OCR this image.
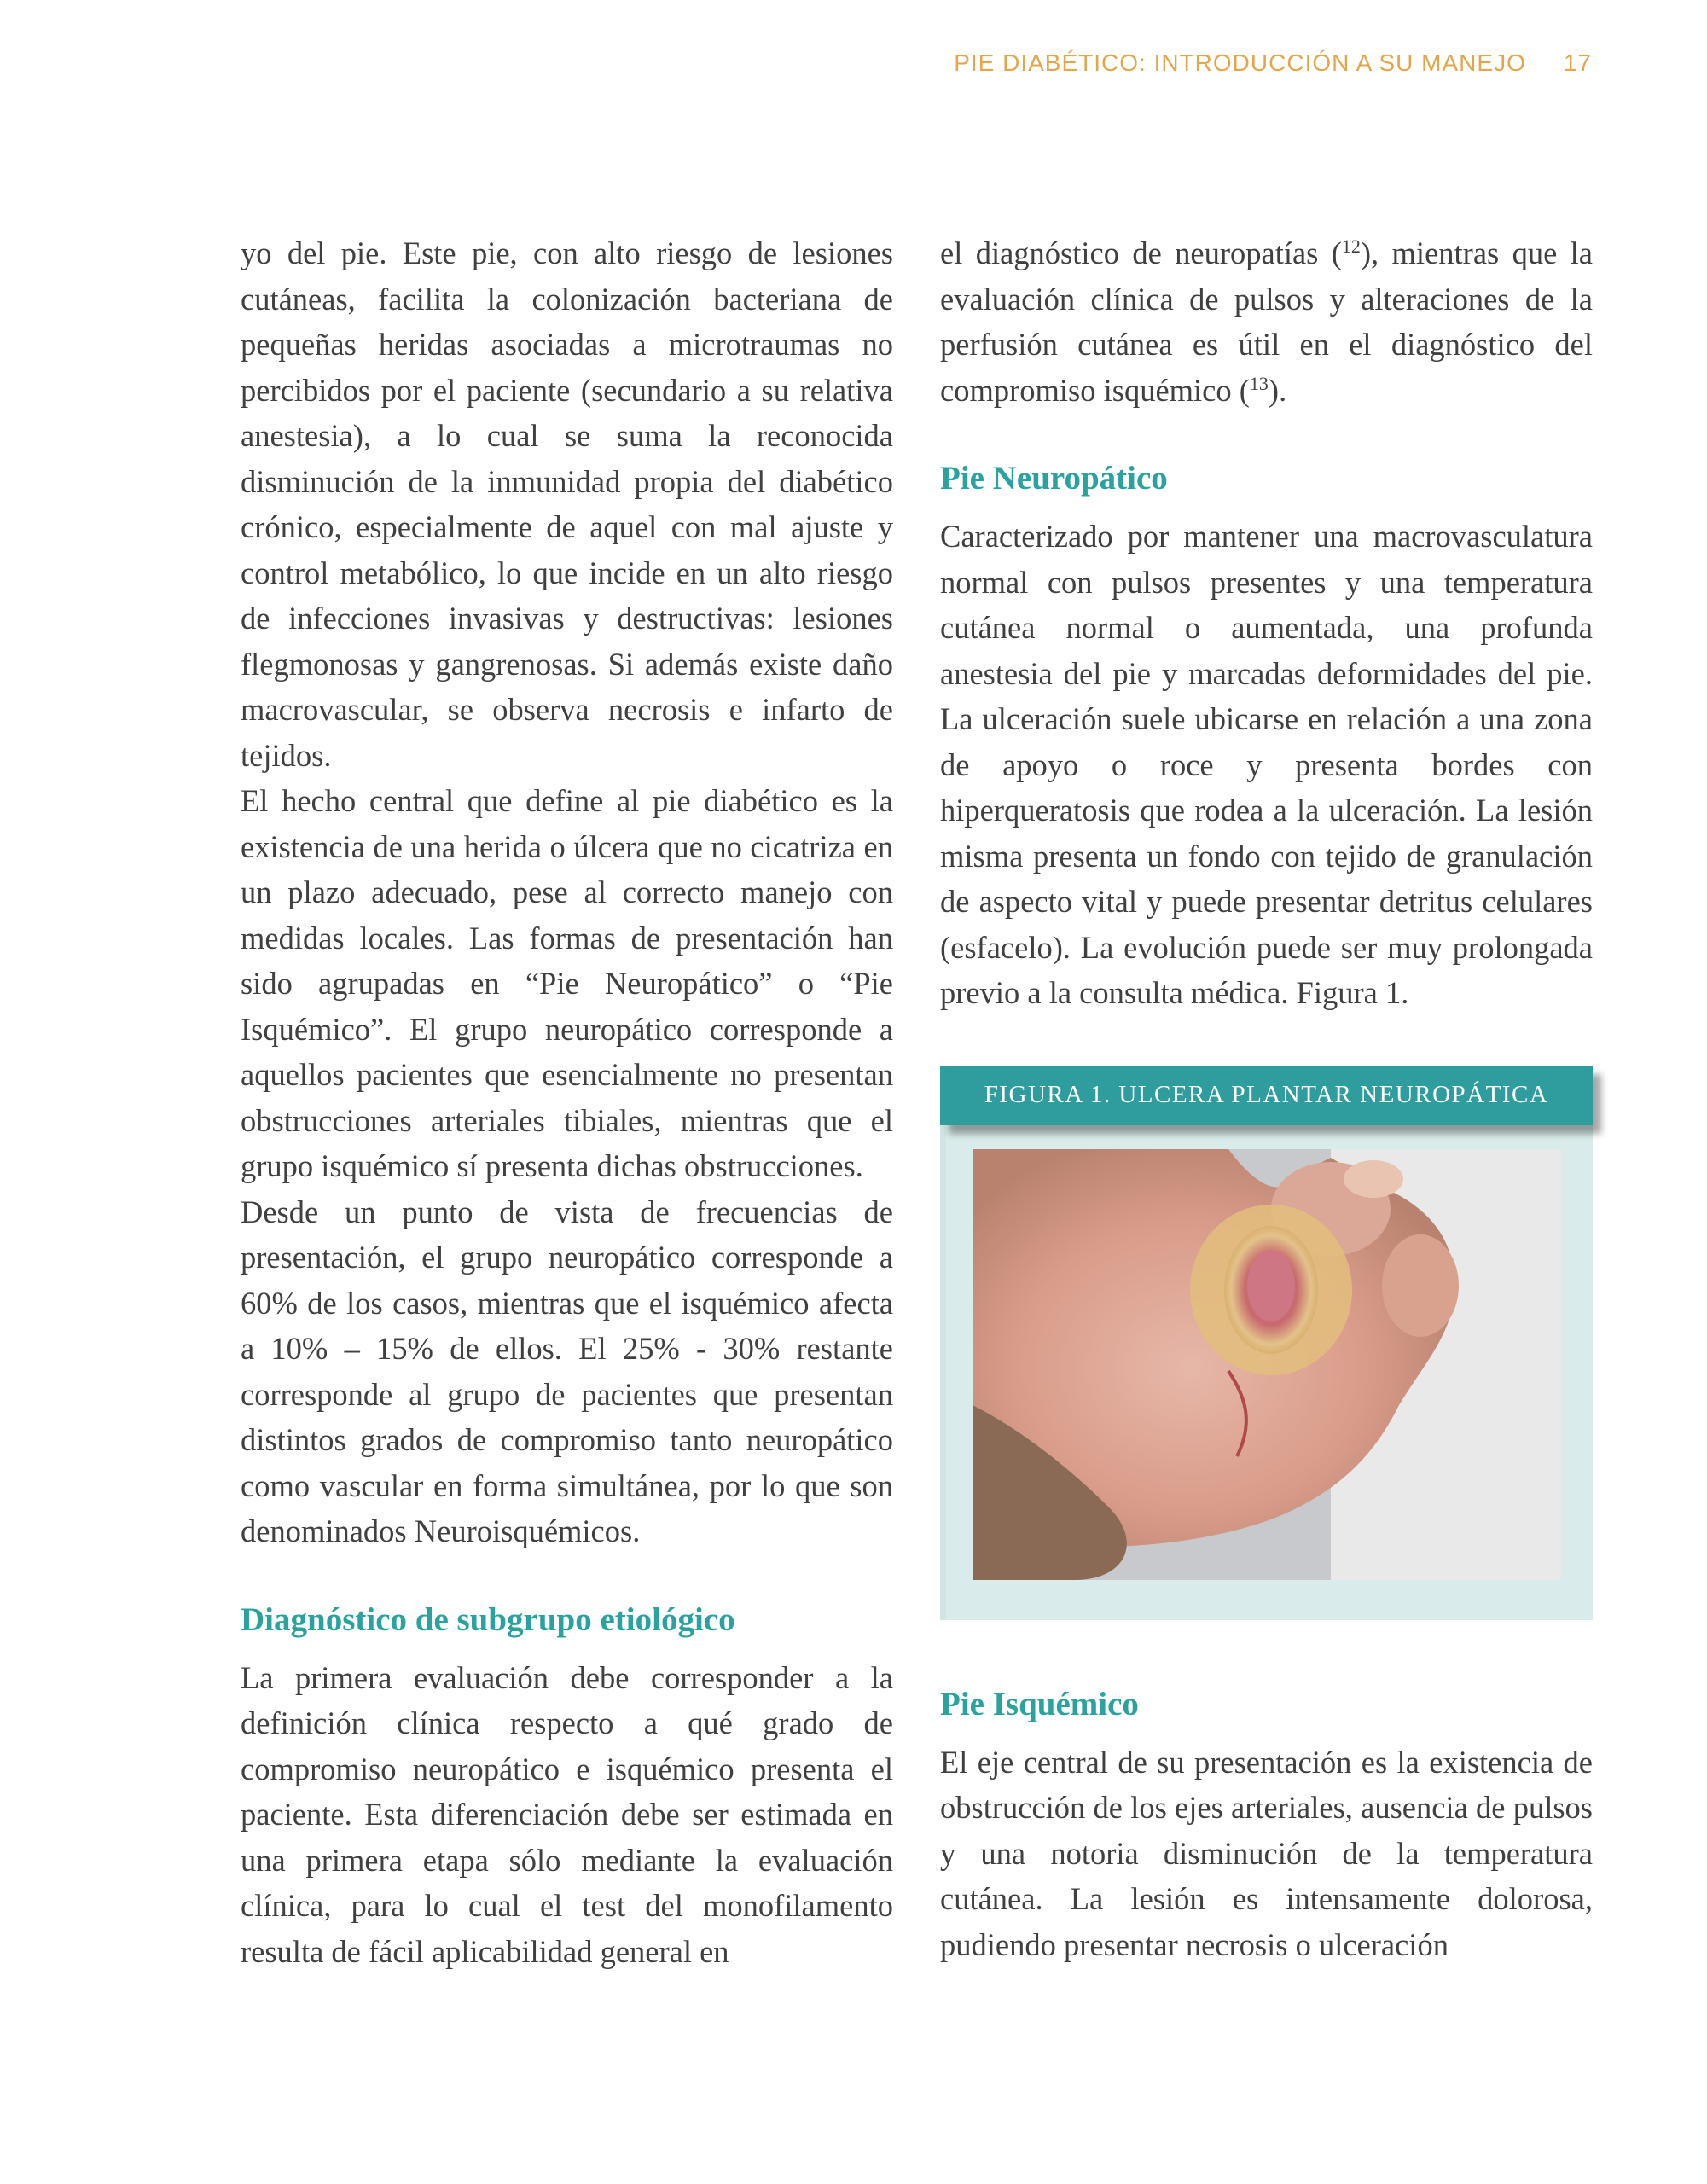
PIE DIABÉTICO: INTRODUCCIÓN A SU MANEJO 17

yo del pie. Este pie, con alto riesgo de lesiones cutáneas, facilita la colonización bacteriana de pequeñas heridas asociadas a microtraumas no percibidos por el paciente (secundario a su relativa anestesia), a lo cual se suma la reconocida disminución de la inmunidad propia del diabético crónico, especialmente de aquel con mal ajuste y control metabólico, lo que incide en un alto riesgo de infecciones invasivas y destructivas: lesiones flegmonosas y gangrenosas. Si además existe daño macrovascular, se observa necrosis e infarto de tejidos.

El hecho central que define al pie diabético es la existencia de una herida o úlcera que no cicatriza en un plazo adecuado, pese al correcto manejo con medidas locales. Las formas de presentación han sido agrupadas en “Pie Neuropático” o “Pie Isquémico”. El grupo neuropático corresponde a aquellos pacientes que esencialmente no presentan obstrucciones arteriales tibiales, mientras que el grupo isquémico sí presenta dichas obstrucciones.

Desde un punto de vista de frecuencias de presentación, el grupo neuropático corresponde a 60% de los casos, mientras que el isquémico afecta a 10% – 15% de ellos. El 25% - 30% restante corresponde al grupo de pacientes que presentan distintos grados de compromiso tanto neuropático como vascular en forma simultánea, por lo que son denominados Neuroisquémicos.

Diagnóstico de subgrupo etiológico

La primera evaluación debe corresponder a la definición clínica respecto a qué grado de compromiso neuropático e isquémico presenta el paciente. Esta diferenciación debe ser estimada en una primera etapa sólo mediante la evaluación clínica, para lo cual el test del monofilamento resulta de fácil aplicabilidad general en

el diagnóstico de neuropatías ($^{12}$), mientras que la evaluación clínica de pulsos y alteraciones de la perfusión cutánea es útil en el diagnóstico del compromiso isquémico ($^{13}$).

Pie Neuropático

Caracterizado por mantener una macrovasculatura normal con pulsos presentes y una temperatura cutánea normal o aumentada, una profunda anestesia del pie y marcadas deformidades del pie. La ulceración suele ubicarse en relación a una zona de apoyo o roce y presenta bordes con hiperqueratosis que rodea a la ulceración. La lesión misma presenta un fondo con tejido de granulación de aspecto vital y puede presentar detritus celulares (esfacelo). La evolución puede ser muy prolongada previo a la consulta médica. Figura 1.

FIGURA 1. ULCERA PLANTAR NEUROPÁTICA
Pie Isquémico

El eje central de su presentación es la existencia de obstrucción de los ejes arteriales, ausencia de pulsos y una notoria disminución de la temperatura cutánea. La lesión es intensamente dolorosa, pudiendo presentar necrosis o ulceración
